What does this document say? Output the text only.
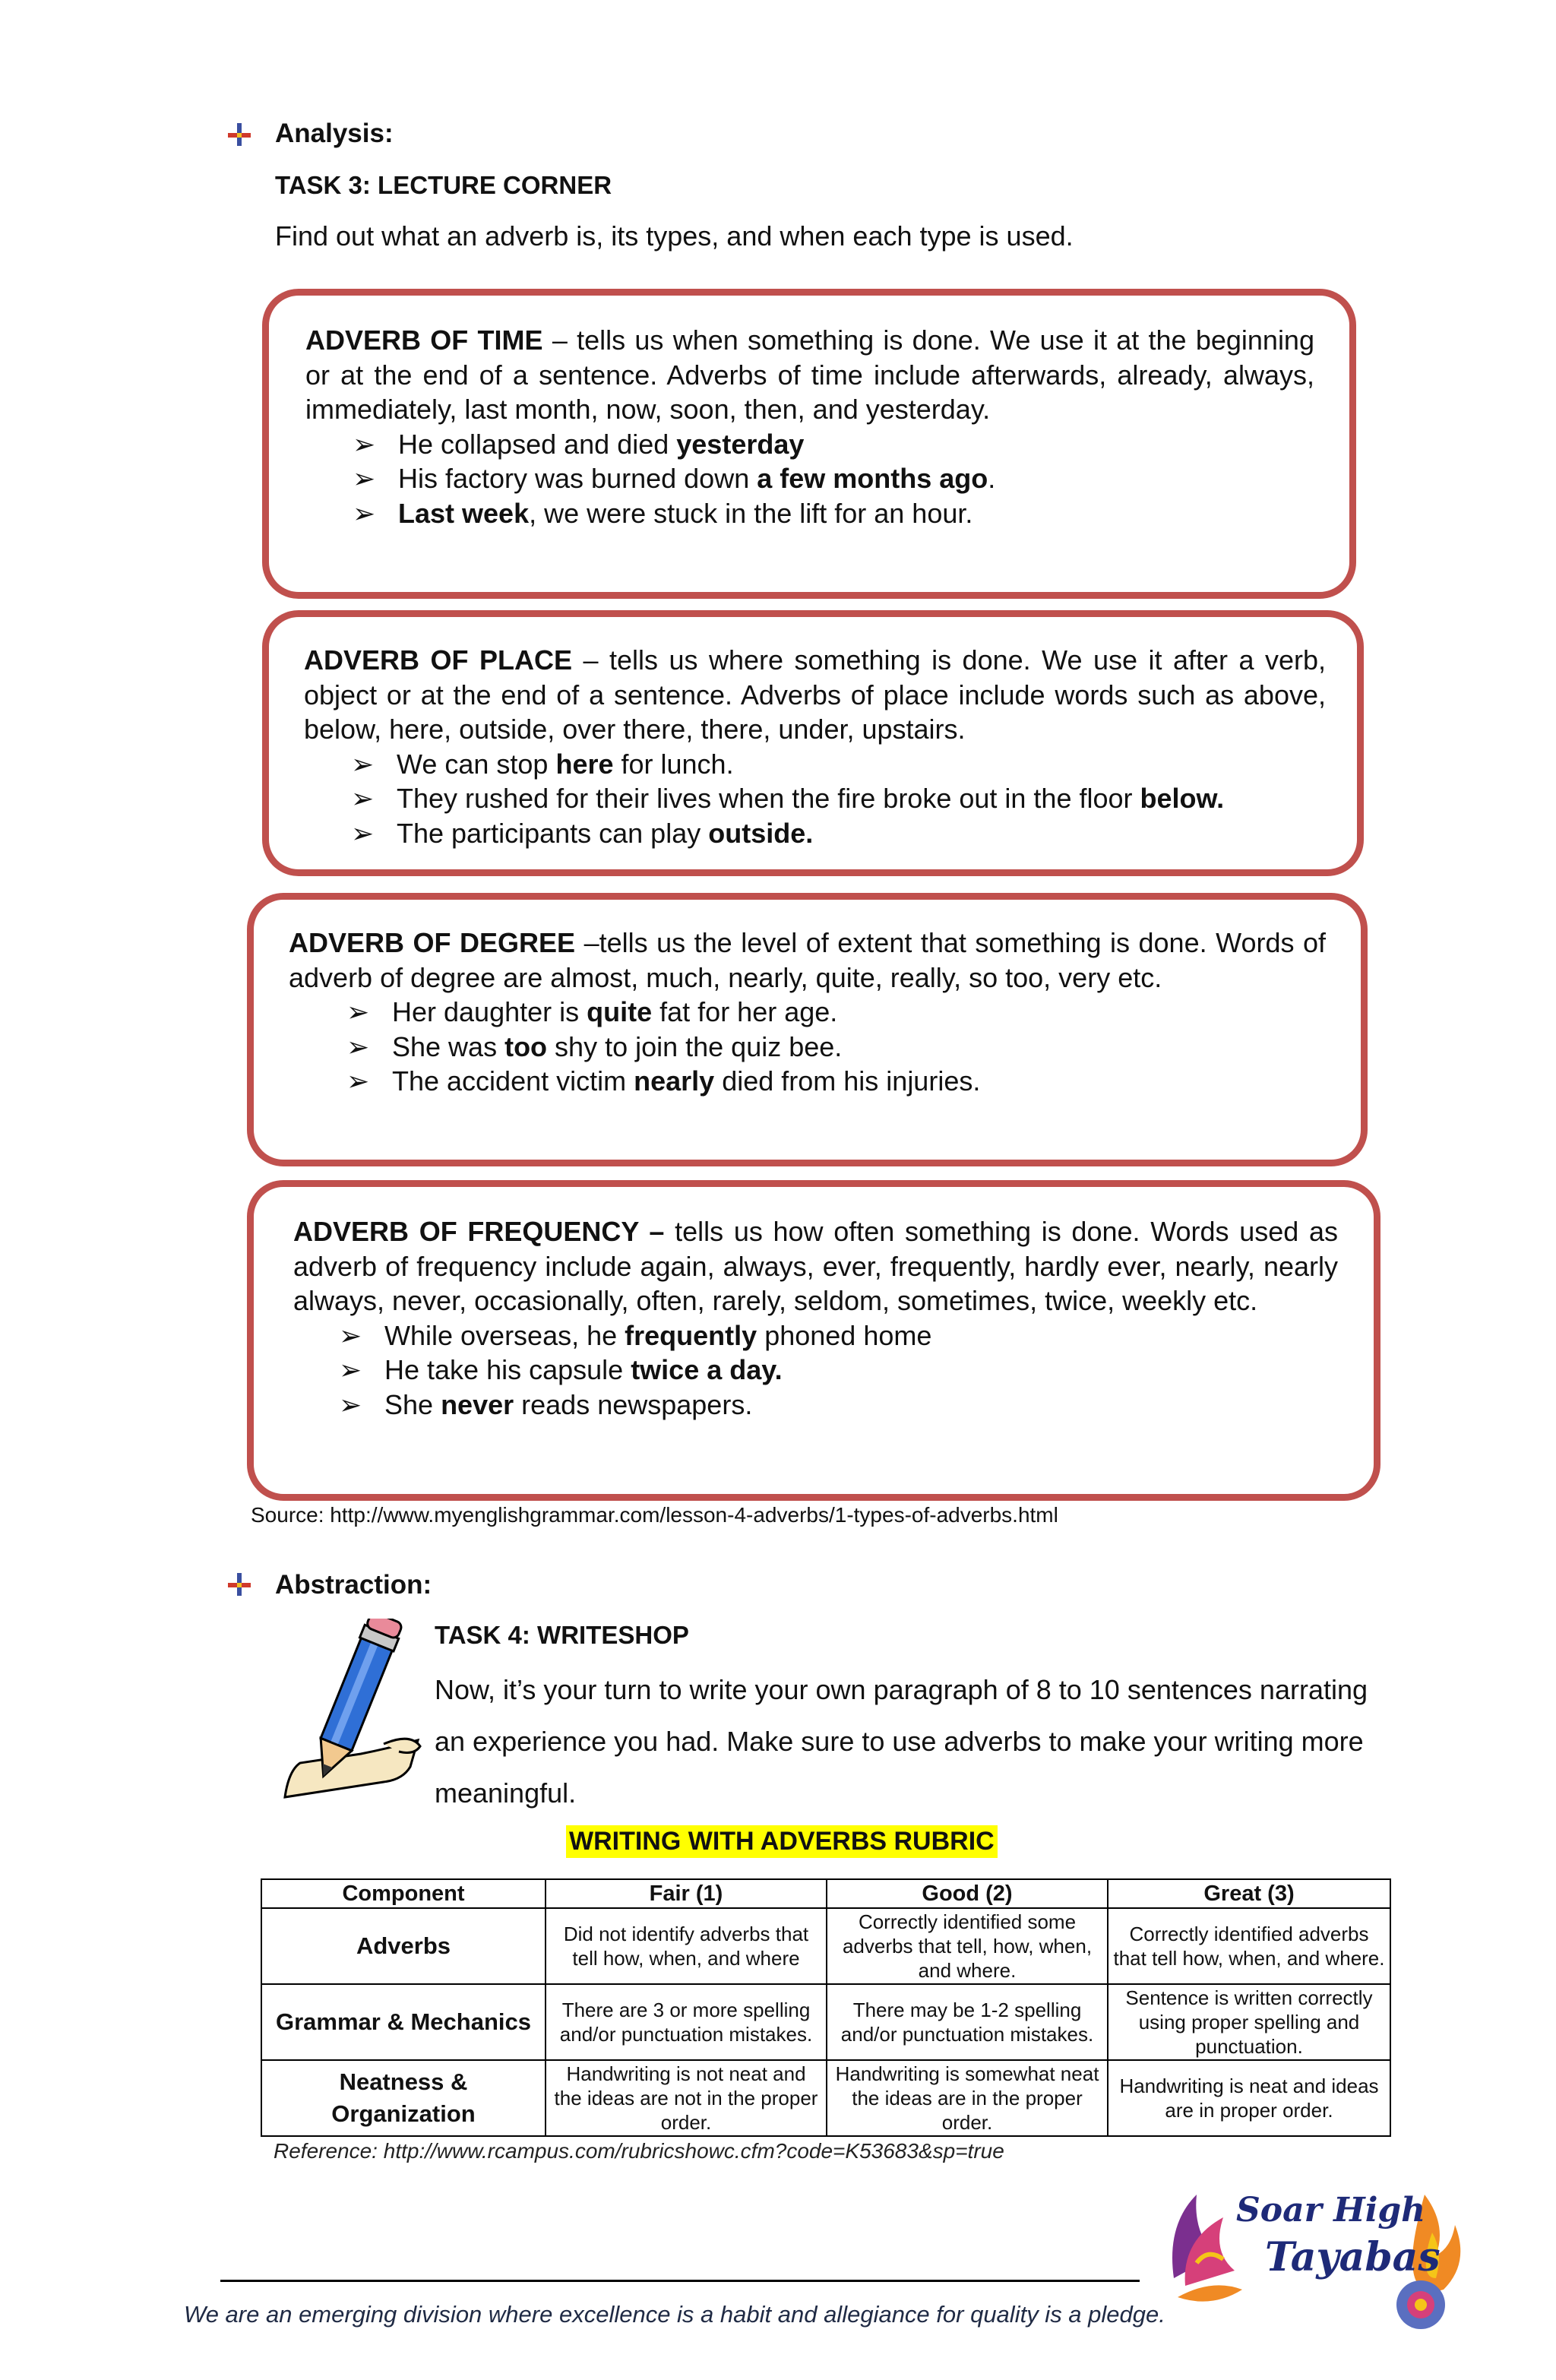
Analysis:
TASK 3: LECTURE CORNER
Find out what an adverb is, its types, and when each type is used.

ADVERB OF TIME – tells us when something is done. We use it at the beginning or at the end of a sentence. Adverbs of time include afterwards, already, always, immediately, last month, now, soon, then, and yesterday.

➢ He collapsed and died yesterday
➢ His factory was burned down a few months ago.
➢ Last week, we were stuck in the lift for an hour.

ADVERB OF PLACE – tells us where something is done. We use it after a verb, object or at the end of a sentence. Adverbs of place include words such as above, below, here, outside, over there, there, under, upstairs.

➢ We can stop here for lunch.
➢ They rushed for their lives when the fire broke out in the floor below.
➢ The participants can play outside.

ADVERB OF DEGREE –tells us the level of extent that something is done. Words of adverb of degree are almost, much, nearly, quite, really, so too, very etc.

➢ Her daughter is quite fat for her age.
➢ She was too shy to join the quiz bee.
➢ The accident victim nearly died from his injuries.

ADVERB OF FREQUENCY – tells us how often something is done. Words used as adverb of frequency include again, always, ever, frequently, hardly ever, nearly, nearly always, never, occasionally, often, rarely, seldom, sometimes, twice, weekly etc.

➢ While overseas, he frequently phoned home
➢ He take his capsule twice a day.
➢ She never reads newspapers.
Source: http://www.myenglishgrammar.com/lesson-4-adverbs/1-types-of-adverbs.html
Abstraction:
TASK 4: WRITESHOP
Now, it’s your turn to write your own paragraph of 8 to 10 sentences narrating an experience you had. Make sure to use adverbs to make your writing more meaningful.
WRITING WITH ADVERBS RUBRIC
Component	Fair (1)	Good (2)	Great (3)
Adverbs	Did not identify adverbs that tell how, when, and where	Correctly identified some adverbs that tell, how, when, and where.	Correctly identified adverbs that tell how, when, and where.
Grammar & Mechanics	There are 3 or more spelling and/or punctuation mistakes.	There may be 1-2 spelling and/or punctuation mistakes.	Sentence is written correctly using proper spelling and punctuation.
Neatness & Organization	Handwriting is not neat and the ideas are not in the proper order.	Handwriting is somewhat neat the ideas are in the proper order.	Handwriting is neat and ideas are in proper order.
Reference: http://www.rcampus.com/rubricshowc.cfm?code=K53683&sp=true
Soar High
Tayabas
We are an emerging division where excellence is a habit and allegiance for quality is a pledge.
